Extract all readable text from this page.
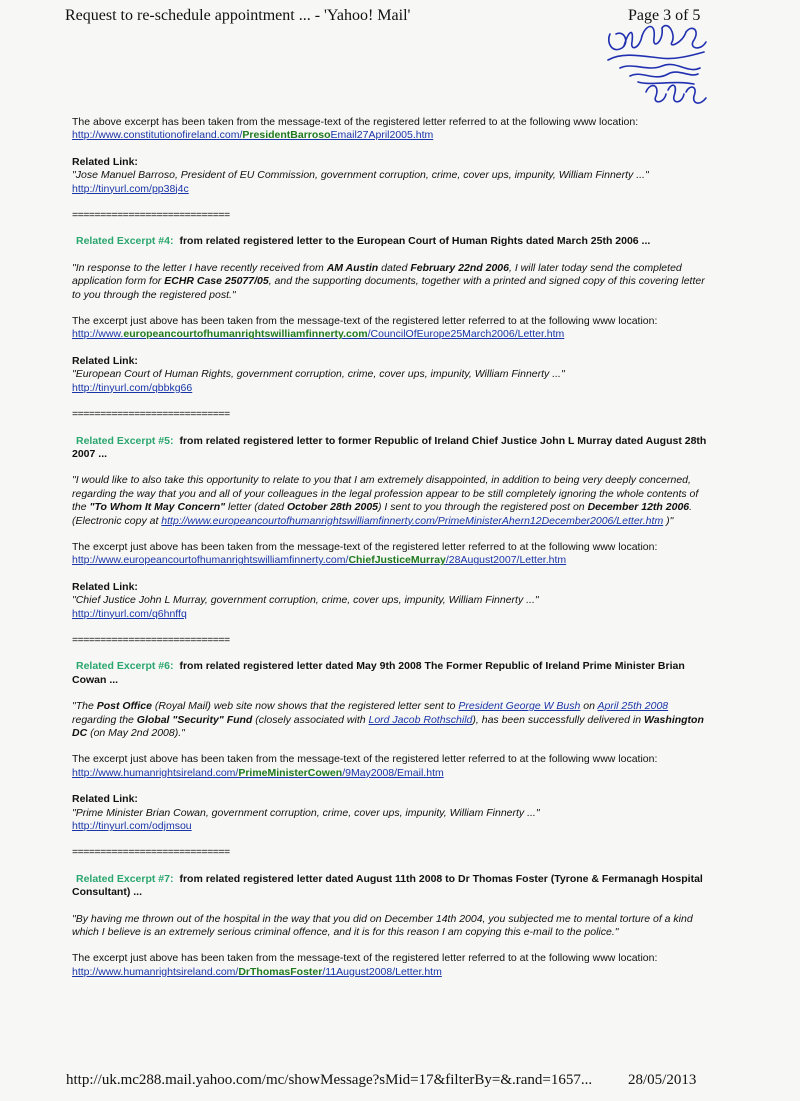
Request to re-schedule appointment ... - 'Yahoo! Mail'	Page 3 of 5

The above excerpt has been taken from the message-text of the registered letter referred to at the following www location:
http://www.constitutionofireland.com/PresidentBarrosoEmail27April2005.htm

Related Link:
"Jose Manuel Barroso, President of EU Commission, government corruption, crime, cover ups, impunity, William Finnerty ..."
http://tinyurl.com/pp38j4c

============================

Related Excerpt #4: from related registered letter to the European Court of Human Rights dated March 25th 2006 ...

"In response to the letter I have recently received from AM Austin dated February 22nd 2006, I will later today send the completed application form for ECHR Case 25077/05, and the supporting documents, together with a printed and signed copy of this covering letter to you through the registered post."

The excerpt just above has been taken from the message-text of the registered letter referred to at the following www location:
http://www.europeancourtofhumanrightswilliamfinnerty.com/CouncilOfEurope25March2006/Letter.htm

Related Link:
"European Court of Human Rights, government corruption, crime, cover ups, impunity, William Finnerty ..."
http://tinyurl.com/qbbkg66

============================

Related Excerpt #5: from related registered letter to former Republic of Ireland Chief Justice John L Murray dated August 28th 2007 ...

"I would like to also take this opportunity to relate to you that I am extremely disappointed, in addition to being very deeply concerned, regarding the way that you and all of your colleagues in the legal profession appear to be still completely ignoring the whole contents of the "To Whom It May Concern" letter (dated October 28th 2005) I sent to you through the registered post on December 12th 2006. (Electronic copy at http://www.europeancourtofhumanrightswilliamfinnerty.com/PrimeMinisterAhern12December2006/Letter.htm )"

The excerpt just above has been taken from the message-text of the registered letter referred to at the following www location:
http://www.europeancourtofhumanrightswilliamfinnerty.com/ChiefJusticeMurray/28August2007/Letter.htm

Related Link:
"Chief Justice John L Murray, government corruption, crime, cover ups, impunity, William Finnerty ..."
http://tinyurl.com/q6hnffq

============================

Related Excerpt #6: from related registered letter dated May 9th 2008 The Former Republic of Ireland Prime Minister Brian Cowan ...

"The Post Office (Royal Mail) web site now shows that the registered letter sent to President George W Bush on April 25th 2008 regarding the Global "Security" Fund (closely associated with Lord Jacob Rothschild), has been successfully delivered in Washington DC (on May 2nd 2008)."

The excerpt just above has been taken from the message-text of the registered letter referred to at the following www location:
http://www.humanrightsireland.com/PrimeMinisterCowen/9May2008/Email.htm

Related Link:
"Prime Minister Brian Cowan, government corruption, crime, cover ups, impunity, William Finnerty ..."
http://tinyurl.com/odjmsou

============================

Related Excerpt #7: from related registered letter dated August 11th 2008 to Dr Thomas Foster (Tyrone & Fermanagh Hospital Consultant) ...

"By having me thrown out of the hospital in the way that you did on December 14th 2004, you subjected me to mental torture of a kind which I believe is an extremely serious criminal offence, and it is for this reason I am copying this e-mail to the police."

The excerpt just above has been taken from the message-text of the registered letter referred to at the following www location:
http://www.humanrightsireland.com/DrThomasFoster/11August2008/Letter.htm

http://uk.mc288.mail.yahoo.com/mc/showMessage?sMid=17&filterBy=&.rand=1657... 28/05/2013
